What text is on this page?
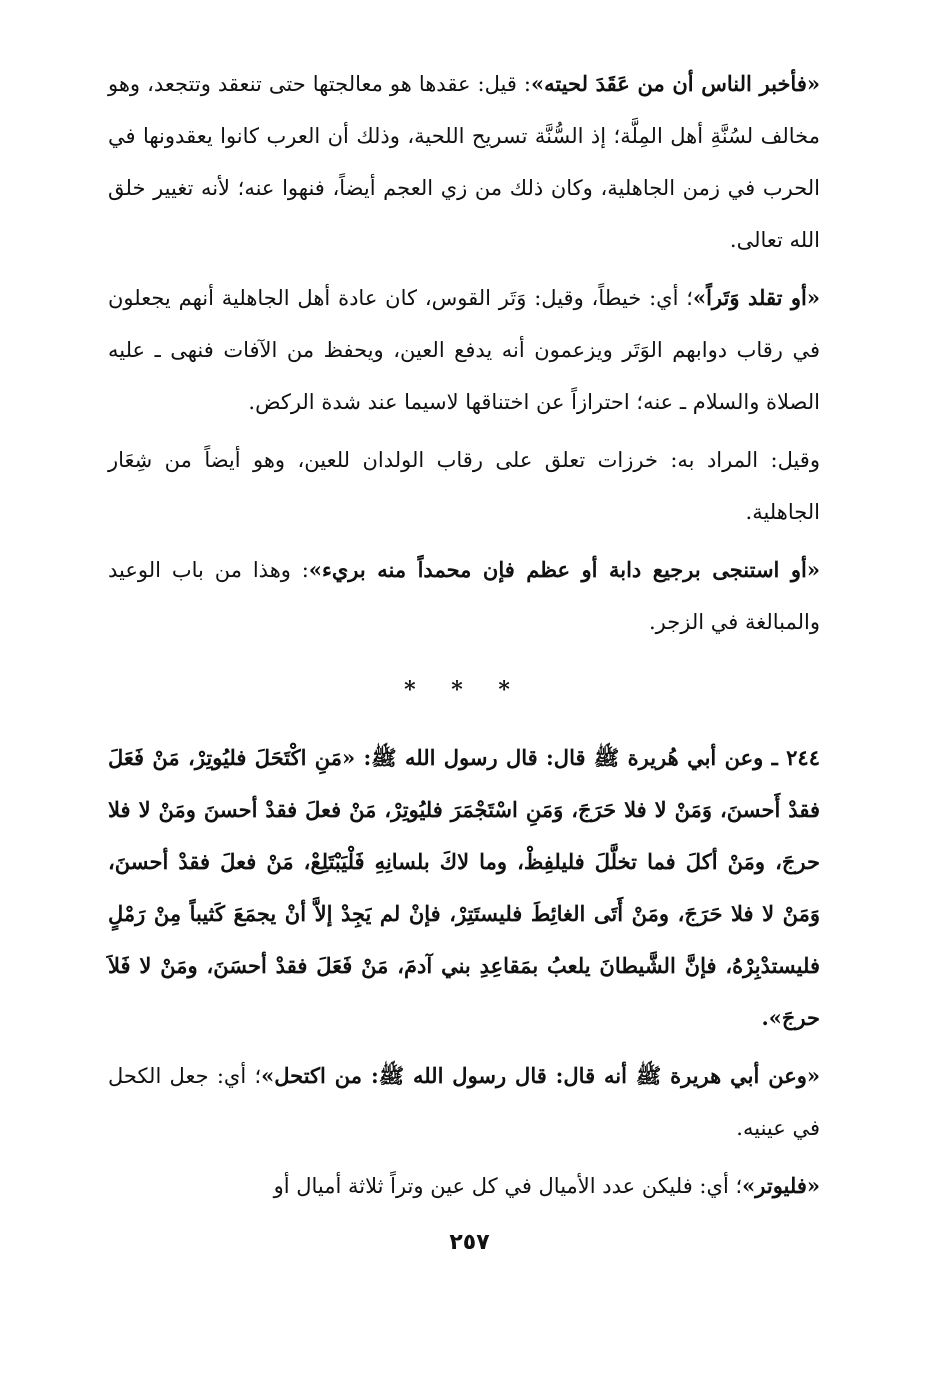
«فأخبر الناس أن من عَقَدَ لحيته»: قيل: عقدها هو معالجتها حتى تنعقد وتتجعد، وهو مخالف لسُنَّةِ أهل المِلَّة؛ إذ السُّنَّة تسريح اللحية، وذلك أن العرب كانوا يعقدونها في الحرب في زمن الجاهلية، وكان ذلك من زي العجم أيضاً، فنهوا عنه؛ لأنه تغيير خلق الله تعالى.

«أو تقلد وَتَراً»؛ أي: خيطاً، وقيل: وَتَر القوس، كان عادة أهل الجاهلية أنهم يجعلون في رقاب دوابهم الوَتَر ويزعمون أنه يدفع العين، ويحفظ من الآفات فنهى ـ عليه الصلاة والسلام ـ عنه؛ احترازاً عن اختناقها لاسيما عند شدة الركض.

وقيل: المراد به: خرزات تعلق على رقاب الولدان للعين، وهو أيضاً من شِعَار الجاهلية.

«أو استنجى برجيع دابة أو عظم فإن محمداً منه بريء»: وهذا من باب الوعيد والمبالغة في الزجر.

* * *

٢٤٤ ـ وعن أبي هُريرة ﷺ قال: قال رسول الله ﷺ: «مَنِ اكْتَحَلَ فليُوتِرْ، مَنْ فَعَلَ فقدْ أَحسنَ، وَمَنْ لا فلا حَرَجَ، وَمَنِ اسْتَجْمَرَ فليُوتِرْ، مَنْ فعلَ فقدْ أحسنَ ومَنْ لا فلا حرجَ، ومَنْ أكلَ فما تخلَّلَ فليلفِظْ، وما لاكَ بلسانِهِ فَلْيَبْتَلِعْ، مَنْ فعلَ فقدْ أحسنَ، وَمَنْ لا فلا حَرَجَ، ومَنْ أَتَى الغائِطَ فليستَتِرْ، فإنْ لم يَجِدْ إلاَّ أنْ يجمَعَ كَثيباً مِنْ رَمْلٍ فليستدْبِرْهُ، فإنَّ الشَّيطانَ يلعبُ بمَقاعِدِ بني آدمَ، مَنْ فَعَلَ فقدْ أحسَنَ، ومَنْ لا فَلاَ حرجَ».

«وعن أبي هريرة ﷺ أنه قال: قال رسول الله ﷺ: من اكتحل»؛ أي: جعل الكحل في عينيه.

«فليوتر»؛ أي: فليكن عدد الأميال في كل عين وتراً ثلاثة أميال أو

٢٥٧
